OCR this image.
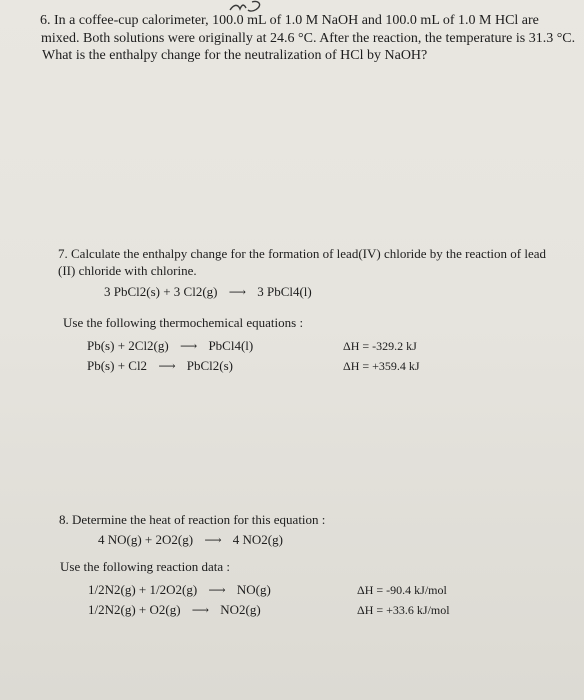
6. In a coffee-cup calorimeter, 100.0 mL of 1.0 M NaOH and 100.0 mL of 1.0 M HCl are
mixed. Both solutions were originally at 24.6 °C. After the reaction, the temperature is 31.3 °C.
What is the enthalpy change for the neutralization of HCl by NaOH?
7. Calculate the enthalpy change for the formation of lead(IV) chloride by the reaction of lead
(II) chloride with chlorine.
3 PbCl2(s) + 3 Cl2(g) ⟶ 3 PbCl4(l)
Use the following thermochemical equations :
Pb(s) + 2Cl2(g) ⟶ PbCl4(l)	ΔH = -329.2 kJ
Pb(s) + Cl2 ⟶ PbCl2(s)	ΔH = +359.4 kJ
8. Determine the heat of reaction for this equation :
4 NO(g) + 2O2(g) ⟶ 4 NO2(g)
Use the following reaction data :
1/2N2(g) + 1/2O2(g) ⟶ NO(g)	ΔH = -90.4 kJ/mol
1/2N2(g) + O2(g) ⟶ NO2(g)	ΔH = +33.6 kJ/mol
